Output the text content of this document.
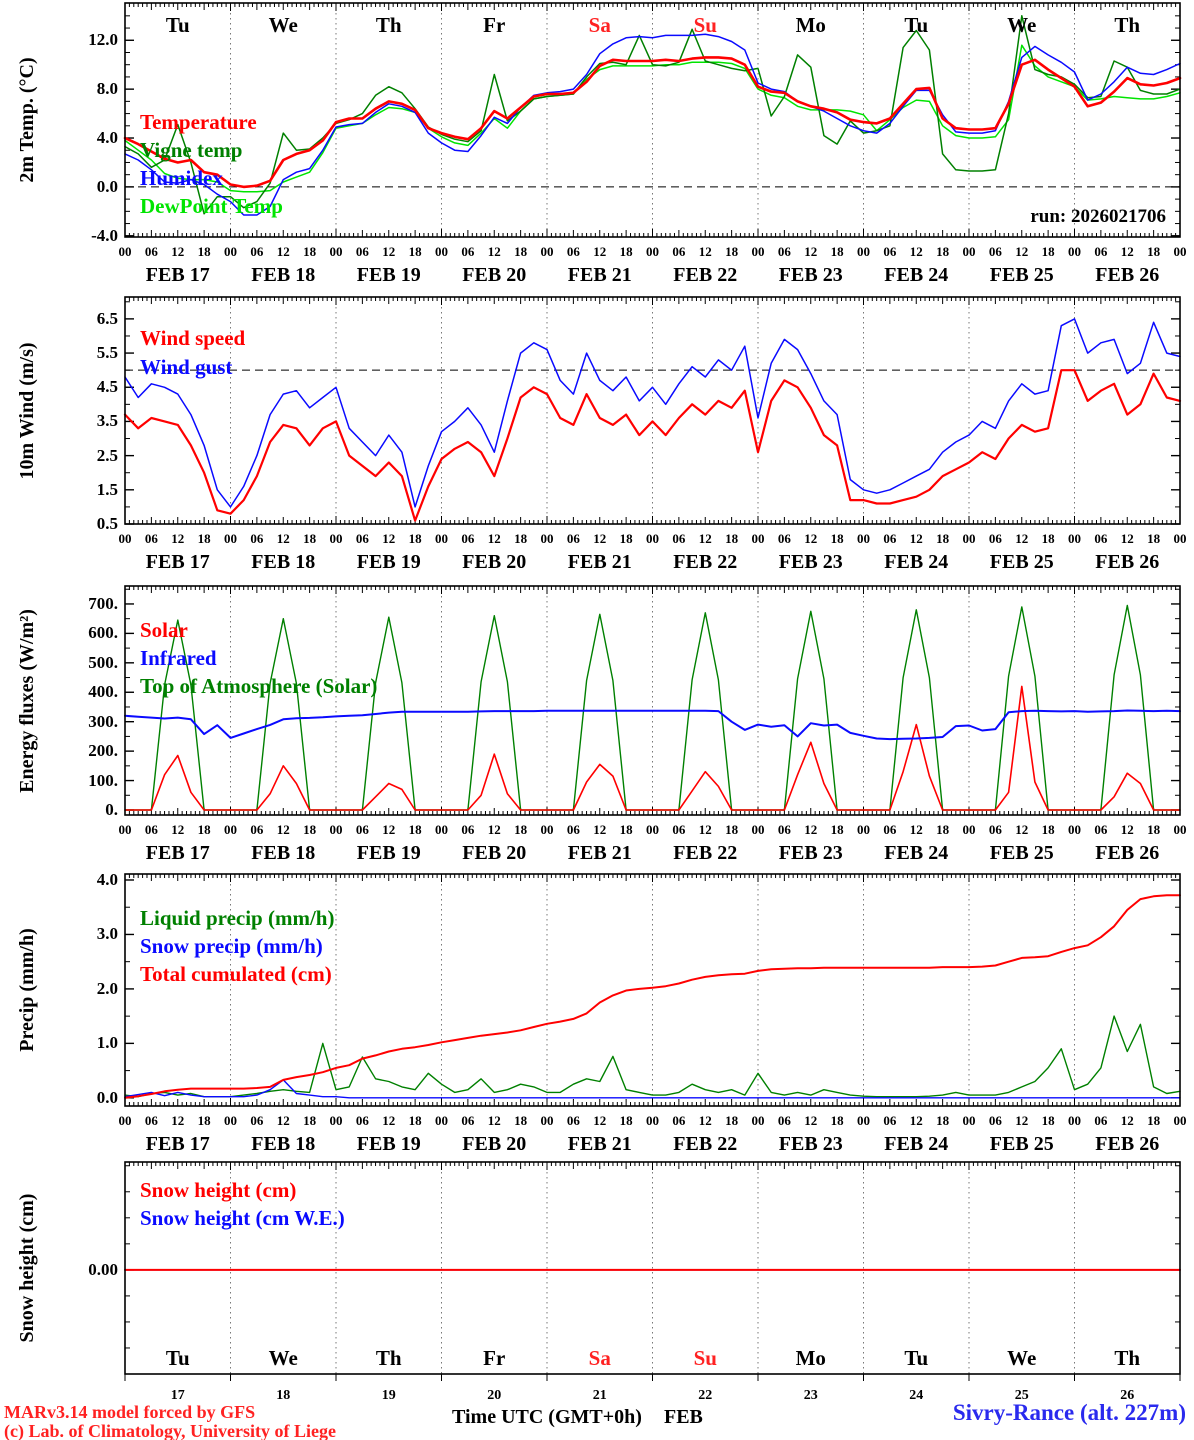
-4.0
0.0
4.0
8.0
12.0
2m Temp. (°C)	Temperature
Vigne temp
Humidex
DewPoint Temp
00 06 12 18 00 06 12 18 00 06 12 18 00 06 12 18 00 06 12 18 00 06 12 18 00 06 12 18 00 06 12 18 00 06 12 18 00 06 12 18 00
FEB 17 FEB 18 FEB 19 FEB 20 FEB 21 FEB 22 FEB 23 FEB 24 FEB 25 FEB 26
0.5
1.5
2.5
3.5
4.5
5.5
6.5
10m Wind (m/s)
Wind speed
Wind gust
00 06 12 18 00 06 12 18 00 06 12 18 00 06 12 18 00 06 12 18 00 06 12 18 00 06 12 18 00 06 12 18 00 06 12 18 00 06 12 18 00
FEB 17 FEB 18 FEB 19 FEB 20 FEB 21 FEB 22 FEB 23 FEB 24 FEB 25 FEB 26
0.
100.
200.
300.
400.
500.
600.
700.
Energy fluxes (W/m²)	Solar
Infrared
Top of Atmosphere (Solar)
00 06 12 18 00 06 12 18 00 06 12 18 00 06 12 18 00 06 12 18 00 06 12 18 00 06 12 18 00 06 12 18 00 06 12 18 00 06 12 18 00
FEB 17 FEB 18 FEB 19 FEB 20 FEB 21 FEB 22 FEB 23 FEB 24 FEB 25 FEB 26
0.0
1.0
2.0
3.0
4.0
Precip (mm/h)
Liquid precip (mm/h)
Snow precip (mm/h)
Total cumulated (cm)
00 06 12 18 00 06 12 18 00 06 12 18 00 06 12 18 00 06 12 18 00 06 12 18 00 06 12 18 00 06 12 18 00 06 12 18 00 06 12 18 00
FEB 17 FEB 18 FEB 19 FEB 20 FEB 21 FEB 22 FEB 23 FEB 24 FEB 25 FEB 26
0.00
Snow height (cm)
Snow height (cm)
Snow height (cm W.E.)
Tu	We	Th	Fr	Sa	Su	Mo	Tu	We	Th
Tu
17
We
18
Th
19
Fr
20
Sa
21
Su
22
Mo
23
Tu
24
We
25
Th
26
run: 2026021706
MARv3.14 model forced by GFS
(c) Lab. of Climatology, University of Liege
Time UTC (GMT+0h) FEB	Sivry-Rance (alt. 227m)
